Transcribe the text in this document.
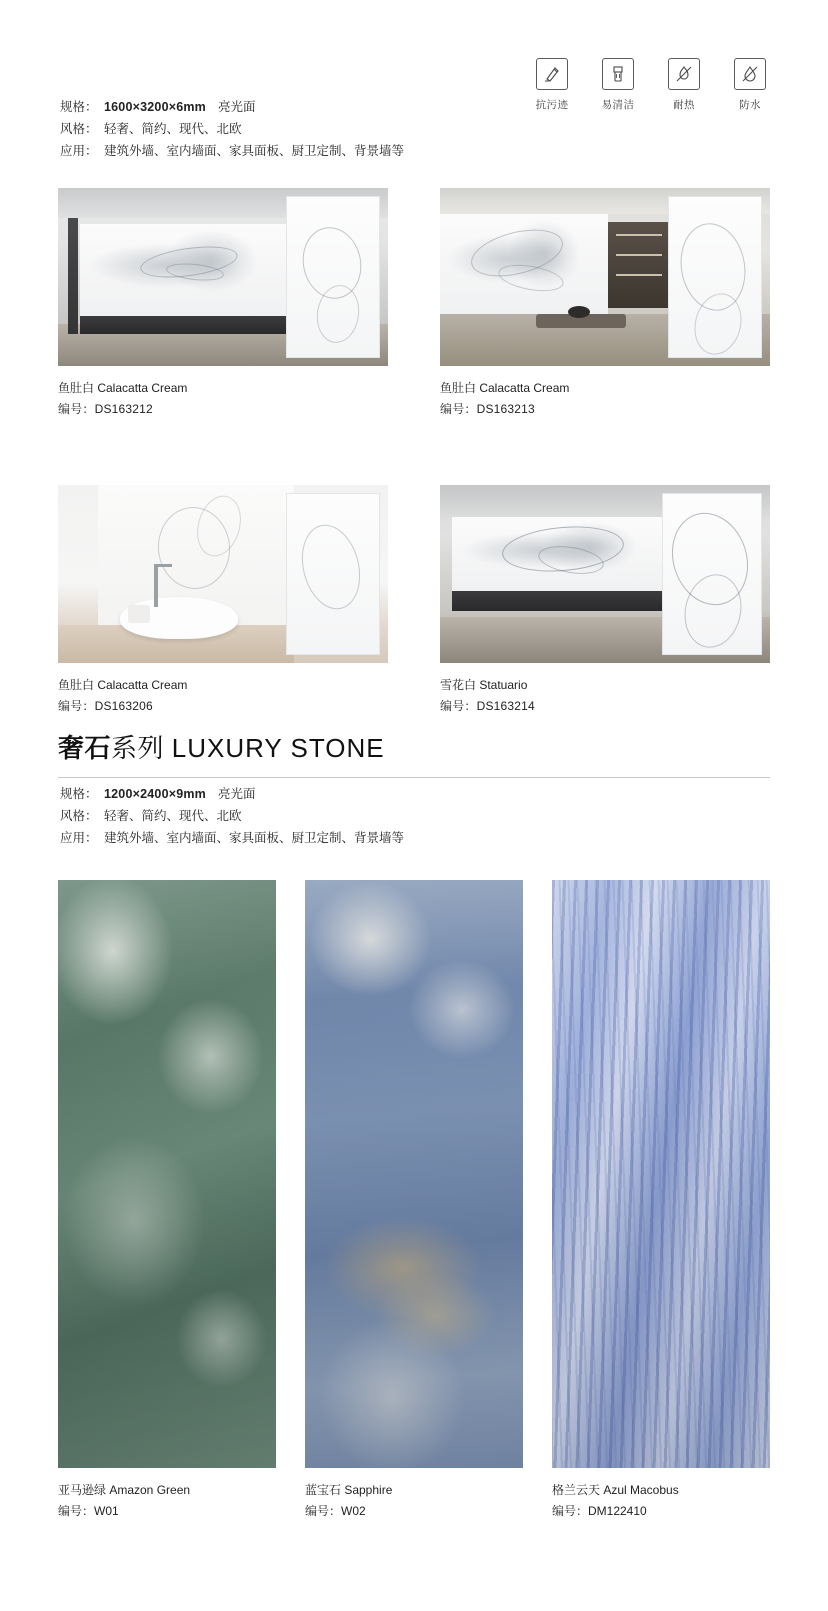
抗污迹	易清洁	耐热	防水
规格： 1600×3200×6mm 亮光面
风格： 轻奢、简约、现代、北欧
应用： 建筑外墙、室内墙面、家具面板、厨卫定制、背景墙等
鱼肚白 Calacatta Cream
编号：DS163212
鱼肚白 Calacatta Cream
编号：DS163213
鱼肚白 Calacatta Cream
编号：DS163206
雪花白 Statuario
编号：DS163214
奢石系列 LUXURY STONE
规格： 1200×2400×9mm 亮光面
风格： 轻奢、简约、现代、北欧
应用： 建筑外墙、室内墙面、家具面板、厨卫定制、背景墙等
亚马逊绿 Amazon Green
编号：W01
蓝宝石 Sapphire
编号：W02
格兰云天 Azul Macobus
编号：DM122410
